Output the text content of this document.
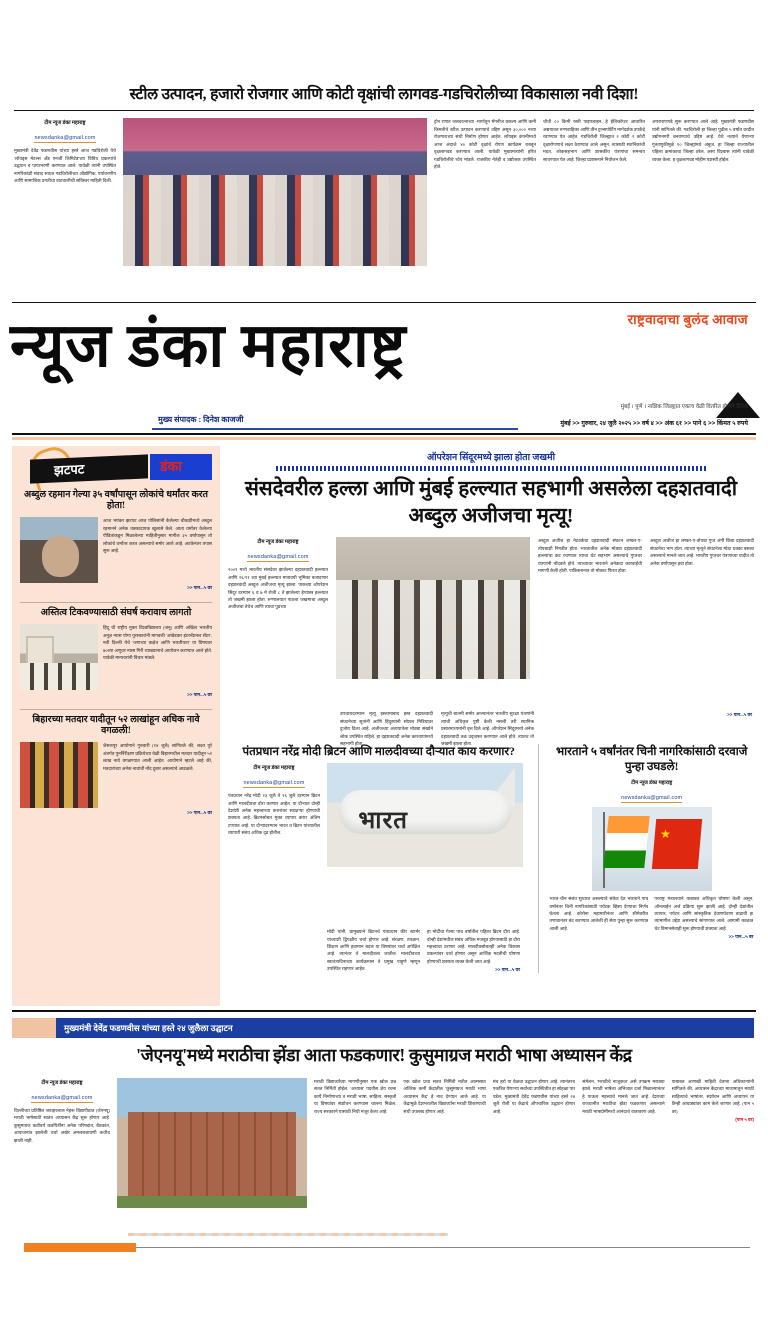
स्टील उत्पादन, हजारो रोजगार आणि कोटी वृक्षांची लागवड-गडचिरोलीच्या विकासाला नवी दिशा!
टीम न्यूज डंका महाराष्ट्र
newsdanka@gmail.com
मुख्यमंत्री देवेंद्र फडणवीस यांच्या हस्ते आज गडचिरोली येथे 'लॉयड्स मेटल्स अँड एनर्जी लिमिटेड'च्या विविध प्रकल्पांचे उद्घाटन व पायाभरणी करण्यात आले. यावेळी त्यांनी उपस्थित नागरिकांशी संवाद साधत गडचिरोलीच्या औद्योगिक, पर्यावरणीय आणि सामाजिक प्रगतीचा वाटचालीची सविस्तर माहिती दिली.
ट्रोन रणात जलदरत्नाच्या -मार्गातून मॅगनीज प्रकल्प आणि कमी किमतीचे स्टील उत्पादन करण्याचे उद्दिष्ट असून ३०,००० नव्या रोजगाराच्या संधी निर्माण होणार आहेत. लॉयड्स कंपनीमध्ये आज अंदाजे ४० कोटी वृक्षांचे रोपण कार्यक्रम राबवून वृक्षलागवड करण्यात आली. यावेळी मुख्यमंत्र्यांनी हरित गडचिरोलीचे ध्येय मांडले. राजकीय नेतेही व उद्योजक उपस्थित होते.
चौथी ८० किमी रस्ती पाइपलाइन, हे हेलिकॉप्टर आधारित अद्ययावत रुग्णवाहिका आणि तीन ट्रान्सपोर्टिंग मार्गदर्शक उपकेंद्रे रवाण्यात येत आहेत. गडचिरोली जिल्ह्यात २ कोटी १ कोटी वृक्षारोपणाचे लक्ष्य ठेवण्यात आले असून, त्यासाठी स्थानिकांची मदत, लोकसहभाग आणि शासकीय यंत्रणांचा समन्वय साधण्यात येत आहे. जिल्हा प्रशासनाने नियोजन केले.
अपराराणगडे सुरू करण्यात आले आहे. मुख्यमंत्री फडणवीस यांनी सांगितले की, गडचिरोली हा जिल्हा पुढील ५ वर्षांत वरदीत उद्योगनगरी बनवण्याचे उद्दिष्ट आहे. येथे नव्याने येणाऱ्या गुंतवणुकीमुळे १० जिल्ह्यांमधे अंबुज, हा जिल्हा राज्यातील पहिला क्रमांकाचा जिल्हा ठरेल, असा विश्वास त्यांनी यावेळी व्यक्त केला. ह वृक्षलागवड मोहीम यशस्वी होईल.
राष्ट्रवादाचा बुलंद आवाज
न्यूज डंका महाराष्ट्र
मुंबई । पुणे । नाशिक जिल्ह्यात एकाच वेळी वितरित होणारे दैनिक
मुख्य संपादक : दिनेश काजजी	मुंबई >> गुरुवार, २४ जुलै २०२५ >> वर्ष ४ >> अंक ६१ >> पाने ६ >> किंमत ५ रुपये
झटपट	डंका
अब्दुल रहमान गेल्या ३५ वर्षांपासून लोकांचे धर्मांतर करत होता!
आज भयंकर झटपट आज पोलिसांनी केलेल्या चौकशीमध्ये अब्दुल रहमानने अनेक धक्कादायक खुलासे केले. आता धर्मांतर केलेल्या पीडितांकडून मिळालेल्या माहितीनुसार मागील ३५ वर्षांपासून तो लोकांचे धर्मांतर करत असल्याचे समोर आले आहे. अटकेनंतर तपास सुरू आहे.
>> पान...५ वर
अस्तित्व टिकवण्यासाठी संघर्ष करावाच लागतो
हिंदू ची राष्ट्रीय मुक्त विश्वविद्यालय (जनू) आणि अखिल भारतीय अनुज्ञ न्यास योग्य पुरस्कारांनी मागवली 'आंबेडकर इंटरनॅशनल सेंटर', नवी दिल्ली येथे 'जगाच्या कक्षेत आणि भारतीयता' या विषयवर ७०व्या अणुवर न्यास गिरी व्याख्यानाचे आयोजन करण्यात आले होते. यावेळी मान्यवरांनी विचार मांडले.
>> पान...५ वर
बिहारच्या मतदार यादीतून ५२ लाखांहून अधिक नावे वगळली!
जैसलपूर आयोगाने गुरुवारी (२४ जुलै) सांगितले की, लक्ष्य पुरे अंतर्गत पुनर्निरीक्षण प्रक्रियेच्या वेळी बिहारमधील मतदार यादीतून ५२ लाख नावे वगळण्यात आली आहेत. आयोगाने म्हटले आहे की, मतदारांच्या अनेक नावांची नोंद दुबार असल्याचे आढळले.
>> पान...५ वर
ऑपरेशन सिंदूरमध्ये झाला होता जखमी
संसदेवरील हल्ला आणि मुंबई हल्ल्यात सहभागी असलेला दहशतवादी अब्दुल अजीजचा मृत्यू!
टीम न्यूज डंका महाराष्ट्र
newsdanka@gmail.com
२००१ मध्ये भारतीय संसदेवर झालेल्या दहशतवादी हल्ल्यात आणि २६/११ च्या मुंबई हल्ल्यात मात्रावयी भूमिका बजावणार दहशतवादी अब्दुल अजीजचा मृत्यू झाला. पाकच्या ऑपरेशन सिंदूर दरम्यान ६ व ७ मे रोजी ८ ते झालेल्या हेप्यास्त्र हल्ल्यात तो जखमी झाला होता. रुग्णालयात पाठला जखमाचा अब्दुल अजीजचा तेथेच आणि त्याचा पुढच्या
अब्दुल अजीज हा नेटवर्कचा दहशतवादी संघटन लष्कर-ए-तोयबाशी निगडीत होता. भारतातील अनेक मोठ्या दहशतवादी हल्ल्यांचा कट रचण्यात त्याचा थेट सहभाग असल्याचे गुप्तचर यंत्रणांनी नोंदवले होते. त्याच्यावर भारताने अनेकदा कारवाईची मागणी केली होती. पाकिस्तानात तो मोकाट फिरत होता.
अब्दुल अजीज हा लष्कर-ए-तोयबा गुप्त अंगी किंवा दहशतवादी संघटनेचा भाग होता. त्याच्या मृत्यूने संघटनेला मोठा धक्का बसला असल्याचे मानले जात आहे. भारतीय गुप्तचर यंत्रणांच्या यादीत तो अनेक वर्षांपासून हवा होता.
उपचारादरम्यान मृत्यू इस्लामाबाद इस्त दहशतवादी संघटनेच्या सूत्रांनी आणि हिंदुस्थानी सोशल मिडियावर दुजोरा दिला आहे. अजीजच्या अंत्ययात्रेला मोठ्या संख्येने लोक उपस्थित राहिले. हा दहशतवादी अनेक कारवायांमध्ये सहभागी होता.
मृत्यूची बातमी समोर आल्यानंतर भारतीय सुरक्षा यंत्रणांनी त्याची अधिकृत पुष्टी केली नसली तरी स्थानिक प्रसारमाध्यमांनी वृत्त दिले आहे. ऑपरेशन सिंदूरमध्ये अनेक दहशतवादी तळ उद्ध्वस्त करण्यात आले होते. त्यातच तो जखमी झाला होता.
>> पान...५ वर
पंतप्रधान नरेंद्र मोदी ब्रिटन आणि मालदीवच्या दौऱ्यात काय करणार?
टीम न्यूज डंका महाराष्ट्र
newsdanka@gmail.com
पंतप्रधान नरेंद्र मोदी २३ जुलै ते २६ जुलै दरम्यान ब्रिटन आणि मालदीवचा दौरा करणार आहेत. या दौऱ्यात दोन्ही देशांशी अनेक महत्त्वाच्या करारांवर स्वाक्षऱ्या होण्याची शक्यता आहे. ब्रिटनसोबत मुक्त व्यापार करार अंतिम टप्प्यात आहे. या दौऱ्यादरम्यान भारत व ब्रिटन यांच्यातील व्यापारी संबंध अधिक दृढ होतील.	भारत
मोदी यांनी, प्रामुख्याने ब्रिटनचे पंतप्रधान कीर स्टार्मर यांच्याशी द्विपक्षीय चर्चा होणार आहे. संरक्षण, तंत्रज्ञान, शिक्षण आणि हवामान बदल या विषयांवर चर्चा अपेक्षित आहे. त्यानंतर ते मालदीवला जातील. मालदीवच्या स्वातंत्र्यदिनाच्या कार्यक्रमास ते प्रमुख पाहुणे म्हणून उपस्थित राहणार आहेत.
हा मोदींचा गेल्या पाच वर्षांतील पहिला ब्रिटन दौरा आहे. दोन्ही देशांमधील संबंध अधिक मजबूत होण्यासाठी हा दौरा महत्त्वाचा ठरणार आहे. मालदीवसोबतही अनेक विकास प्रकल्पांवर चर्चा होणार असून आर्थिक मदतीची घोषणा होण्याची शक्यता व्यक्त केली जात आहे.
>> पान...५ वर
भारताने ५ वर्षांनंतर चिनी नागरिकांसाठी दरवाजे पुन्हा उघडले!
टीम न्यूज डंका महाराष्ट्र
newsdanka@gmail.com
★
भारत-चीन संबंध सुधारत असल्याचे संकेत देत भारताने पाच वर्षांनंतर चिनी नागरिकांसाठी पर्यटक व्हिसा देण्याचा निर्णय घेतला आहे. कोरोना महामारीनंतर आणि सीमेवरील तणावानंतर बंद करण्यात आलेली ही सेवा पुन्हा सुरू करण्यात आली आहे.
परराष्ट्र मंत्रालयाने याबाबत अधिकृत घोषणा केली असून, ऑनलाईन अर्ज प्रक्रिया सुरू झाली आहे. दोन्ही देशांतील व्यापार, पर्यटन आणि सांस्कृतिक देवाणघेवाण वाढावी हा त्यामागील उद्देश असल्याचे सांगण्यात आले. आगामी काळात थेट विमानसेवाही सुरू होण्याची शक्यता आहे.
>> पान...५ वर
मुख्यमंत्री देवेंद्र फडणवीस यांच्या हस्ते २४ जुलैला उद्घाटन
'जेएनयू'मध्ये मराठीचा झेंडा आता फडकणार! कुसुमाग्रज मराठी भाषा अध्यासन केंद्र
टीम न्यूज डंका महाराष्ट्र
newsdanka@gmail.com
दिल्लीच्या प्रतिष्ठित जवाहरलाल नेहरू विद्यापीठात (जेएनयू) मराठी भाषेसाठी स्वतंत्र अध्यासन केंद्र सुरू होणार आहे. कुसुमाग्रज कवीवर्य कवयित्रींना अनेक परिषदांत, बैठकांत, आयाजनांत झालेली चर्चा अखेर अमलबजावणी कधीच झाली नाही.
मराठी विद्यार्थ्यांच्या मागणीनुसार एक खोल प्रश्न सतत निर्मिती होईल. 'अध्यास' पदवीस ज्ञेय रचना कार्ये निर्माणाच्या व मराठी भाषा, साहित्य, संस्कृती या विषयांवर संशोधन करण्यास चालना मिळेल. राज्य सरकारने यासाठी निधी मंजूर केला आहे.
एक खोल प्रथा सतत निर्मिती मतीत आत्मसात अतिरेक कमी केंद्रातील 'कुसुमाग्रज मराठी भाषा अध्यासन केंद्र' हे नाव देण्यात आले आहे. या केंद्रामुळे देशभरातील विद्यार्थ्यांना मराठी शिकण्याची संधी उपलब्ध होणार आहे.
मंच हरो या वेळचा उद्घाटन होणार आहे. त्यानंतरच एकत्रित येणाऱ्या सर्वांच्या उपस्थितीत हा सोहळा पार पडेल. मुख्यमंत्री देवेंद्र फडणवीस यांच्या हस्ते २४ जुलै रोजी या केंद्राचे औपचारिक उद्घाटन होणार आहे.
संमेलन, 'मराठीचे नाजूकज' असे उपक्रम मराठ्या झाले. मराठी भाषेला अभिजात दर्जा मिळाल्यानंतर हे पाऊल महत्त्वाचे मानले जात आहे. देशाच्या राजधानीत मराठीचा झेंडा फडकणार असल्याने मराठी भाषाप्रेमींमध्ये आनंदाचे वातावरण आहे.
याबाबत आणखी माहिती देताना अधिकाऱ्यांनी सांगितले की, अध्यासन केंद्राच्या माध्यमातून मराठी साहित्याचे भाषांतर, संशोधन आणि अध्यापन या तिन्ही आघाड्यांवर काम केले जाणार आहे. (पान ५ वर)
(पान ५ वर)
